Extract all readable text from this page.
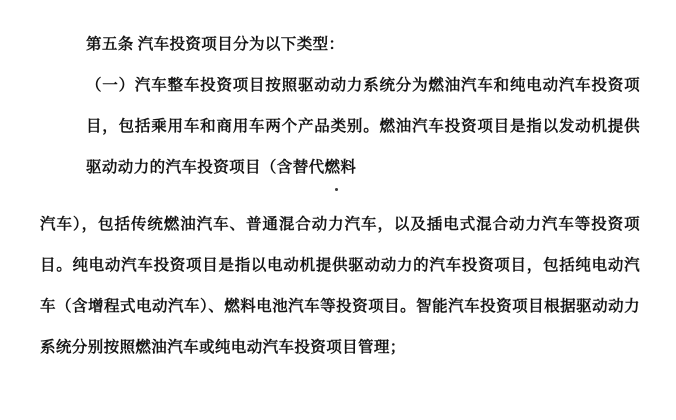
第五条 汽车投资项目分为以下类型：

（一）汽车整车投资项目按照驱动动力系统分为燃油汽车和纯电动汽车投资项目，包括乘用车和商用车两个产品类别。燃油汽车投资项目是指以发动机提供驱动动力的汽车投资项目（含替代燃料

汽车），包括传统燃油汽车、普通混合动力汽车，以及插电式混合动力汽车等投资项目。纯电动汽车投资项目是指以电动机提供驱动动力的汽车投资项目，包括纯电动汽车（含增程式电动汽车）、燃料电池汽车等投资项目。智能汽车投资项目根据驱动动力系统分别按照燃油汽车或纯电动汽车投资项目管理；
